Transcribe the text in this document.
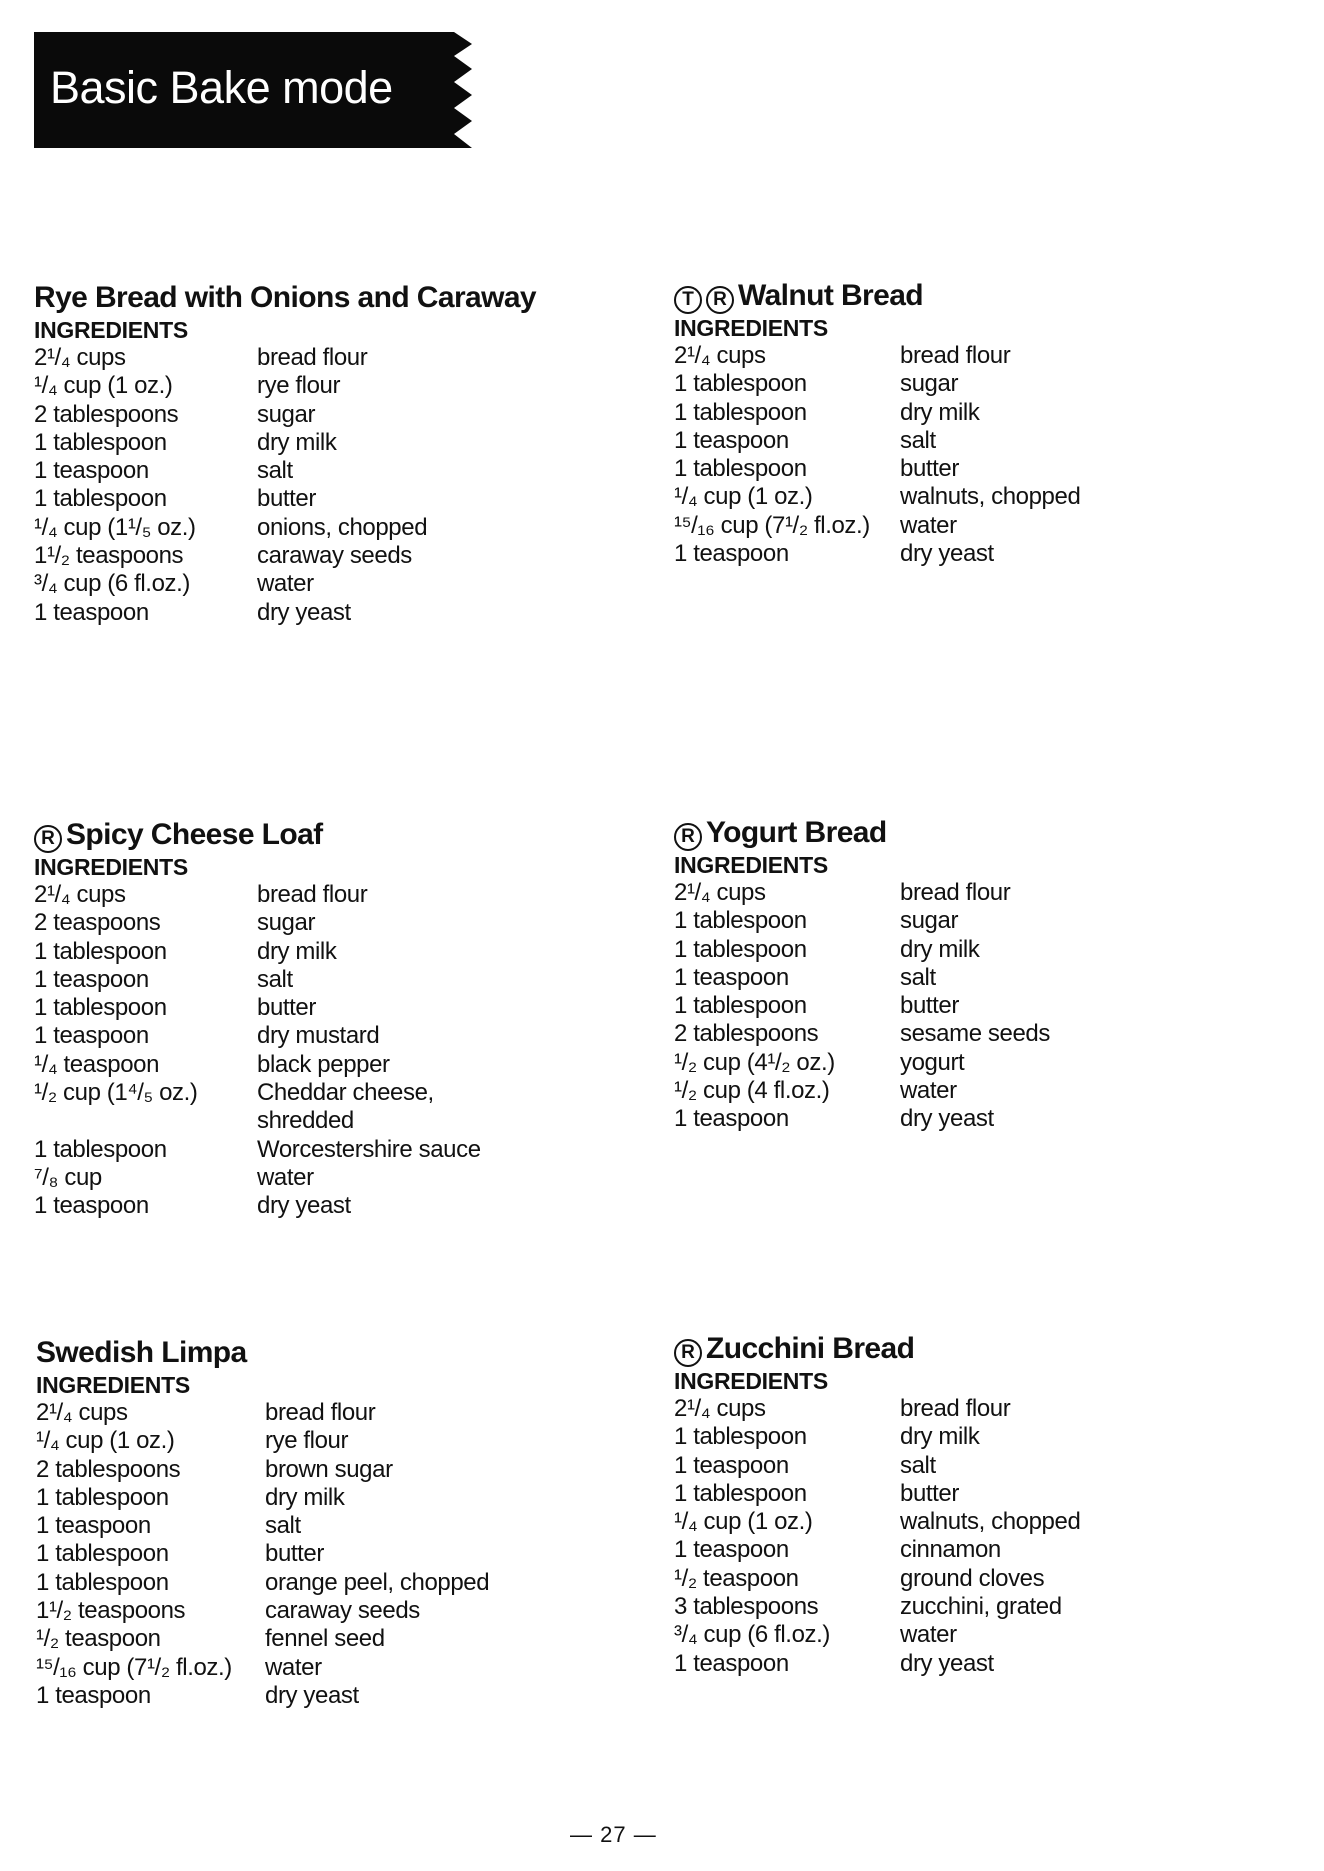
Basic Bake mode
Rye Bread with Onions and Caraway
INGREDIENTS
2¹/₄ cups	bread flour
¹/₄ cup (1 oz.)	rye flour
2 tablespoons	sugar
1 tablespoon	dry milk
1 teaspoon	salt
1 tablespoon	butter
¹/₄ cup (1¹/₅ oz.)	onions, chopped
1¹/₂ teaspoons	caraway seeds
³/₄ cup (6 fl.oz.)	water
1 teaspoon	dry yeast
T R Walnut Bread
INGREDIENTS
2¹/₄ cups	bread flour
1 tablespoon	sugar
1 tablespoon	dry milk
1 teaspoon	salt
1 tablespoon	butter
¹/₄ cup (1 oz.)	walnuts, chopped
¹⁵/₁₆ cup (7¹/₂ fl.oz.)	water
1 teaspoon	dry yeast
R Spicy Cheese Loaf
INGREDIENTS
2¹/₄ cups	bread flour
2 teaspoons	sugar
1 tablespoon	dry milk
1 teaspoon	salt
1 tablespoon	butter
1 teaspoon	dry mustard
¹/₄ teaspoon	black pepper
¹/₂ cup (1⁴/₅ oz.)	Cheddar cheese,
shredded
1 tablespoon	Worcestershire sauce
⁷/₈ cup	water
1 teaspoon	dry yeast
R Yogurt Bread
INGREDIENTS
2¹/₄ cups	bread flour
1 tablespoon	sugar
1 tablespoon	dry milk
1 teaspoon	salt
1 tablespoon	butter
2 tablespoons	sesame seeds
¹/₂ cup (4¹/₂ oz.)	yogurt
¹/₂ cup (4 fl.oz.)	water
1 teaspoon	dry yeast
Swedish Limpa
INGREDIENTS
2¹/₄ cups	bread flour
¹/₄ cup (1 oz.)	rye flour
2 tablespoons	brown sugar
1 tablespoon	dry milk
1 teaspoon	salt
1 tablespoon	butter
1 tablespoon	orange peel, chopped
1¹/₂ teaspoons	caraway seeds
¹/₂ teaspoon	fennel seed
¹⁵/₁₆ cup (7¹/₂ fl.oz.)	water
1 teaspoon	dry yeast
R Zucchini Bread
INGREDIENTS
2¹/₄ cups	bread flour
1 tablespoon	dry milk
1 teaspoon	salt
1 tablespoon	butter
¹/₄ cup (1 oz.)	walnuts, chopped
1 teaspoon	cinnamon
¹/₂ teaspoon	ground cloves
3 tablespoons	zucchini, grated
³/₄ cup (6 fl.oz.)	water
1 teaspoon	dry yeast
— 27 —
